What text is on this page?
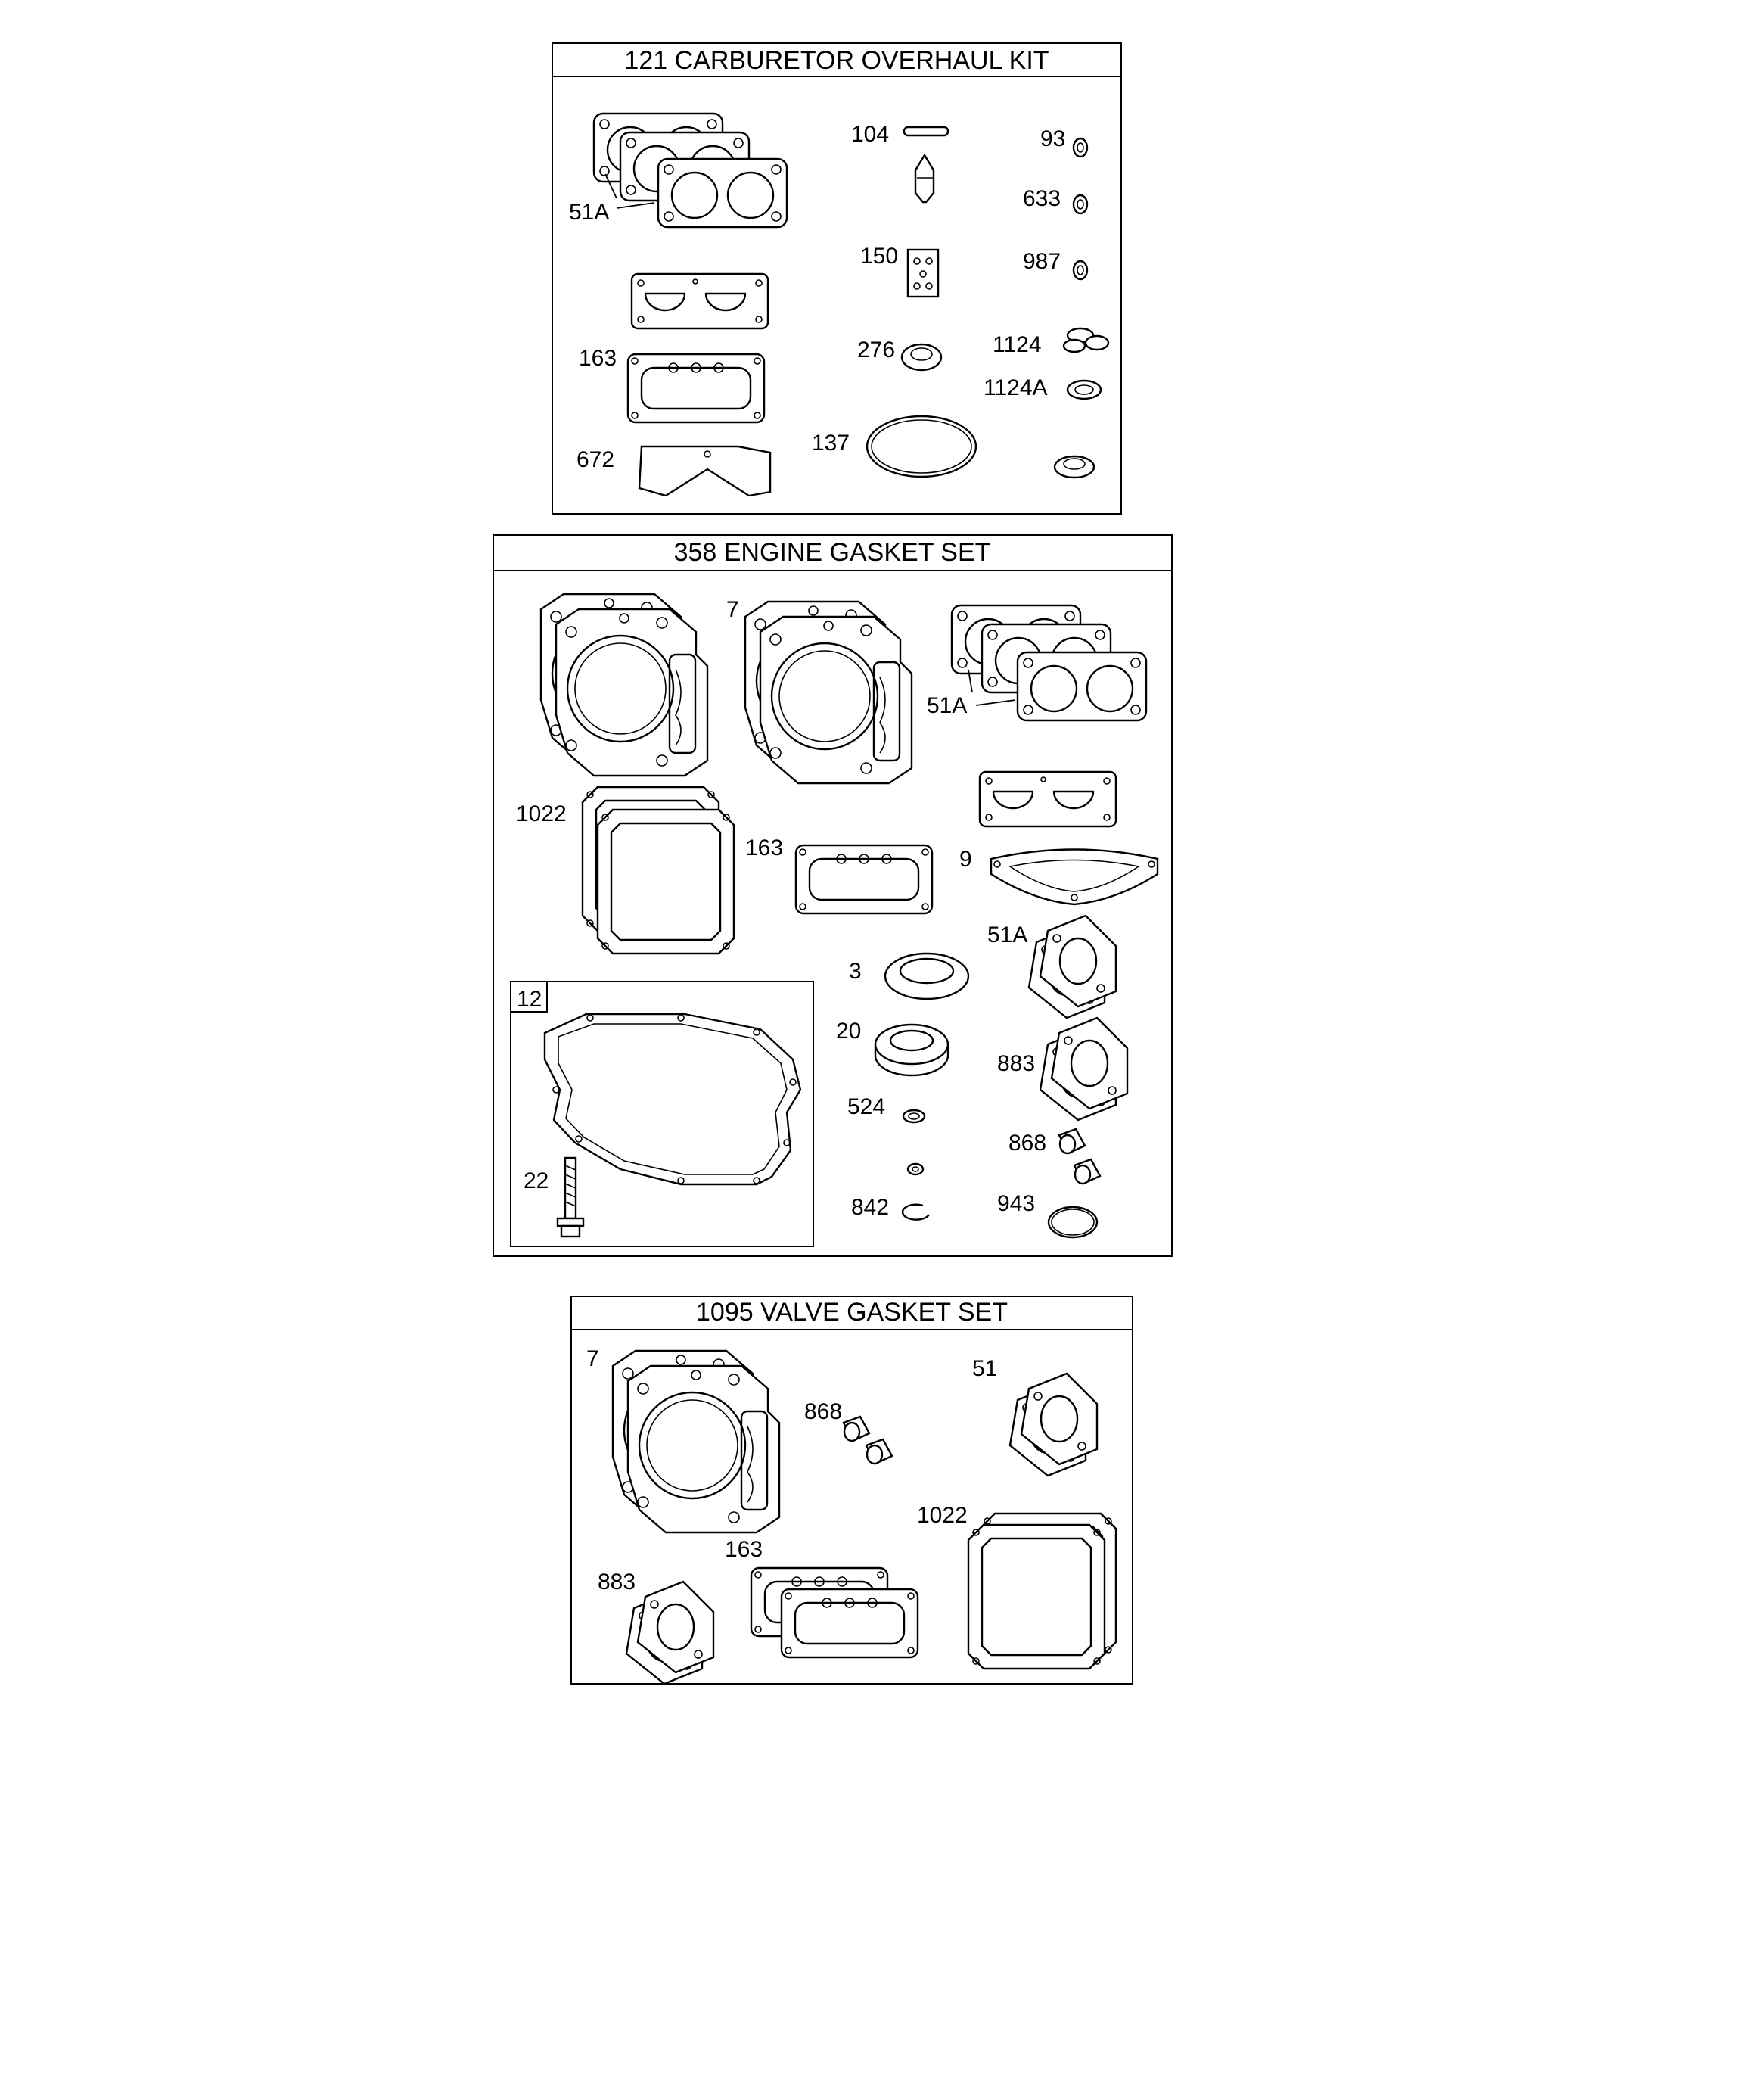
121 CARBURETOR OVERHAUL KIT
51A
104	93
633
150	987
163	276	1124
1124A
672
137
358 ENGINE GASKET SET
7
51A
1022
163	9
51A
3
12
22
20
883
524
868
842	943
1095 VALVE GASKET SET
7	51
868
1022
163
883
